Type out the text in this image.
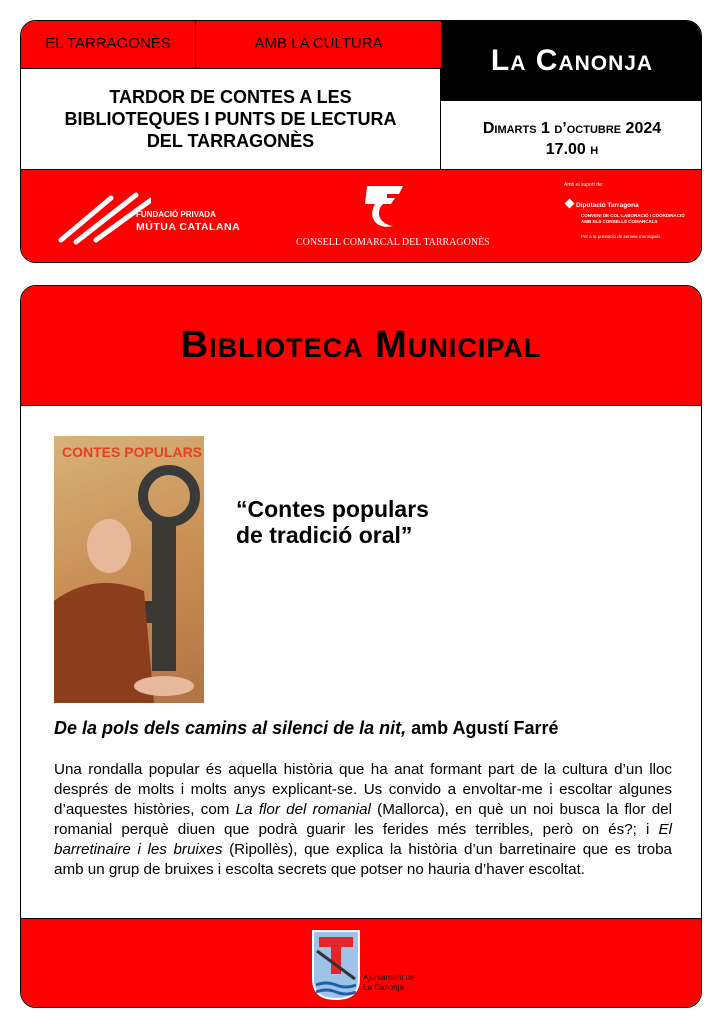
EL TARRAGONÈS	AMB LA CULTURA
TARDOR DE CONTES A LES
BIBLIOTEQUES I PUNTS DE LECTURA
DEL TARRAGONÈS
La Canonja
Dimarts 1 d’octubre 2024
17.00 h
FUNDACIÓ PRIVADA
MÚTUA CATALANA
CONSELL COMARCAL DEL TARRAGONÈS
Amb el suport de:
Diputació Tarragona
CONVENI DE COL·LABORACIÓ I COORDINACIÓ AMB ELS CONSELLS COMARCALS
Per a la prestació de serveis municipals
Biblioteca Municipal
CONTES POPULARS
“Contes populars
de tradició oral”
De la pols dels camins al silenci de la nit, amb Agustí Farré
Una rondalla popular és aquella història que ha anat formant part de la cultura d’un lloc després de molts i molts anys explicant-se. Us convido a envoltar-me i escoltar algunes d’aquestes històries, com La flor del romanial (Mallorca), en què un noi busca la flor del romanial perquè diuen que podrà guarir les ferides més terribles, però on és?; i El barretinaire i les bruixes (Ripollès), que explica la història d’un barretinaire que es troba amb un grup de bruixes i escolta secrets que potser no hauria d’haver escoltat.
Ajuntament de
La Canonja
